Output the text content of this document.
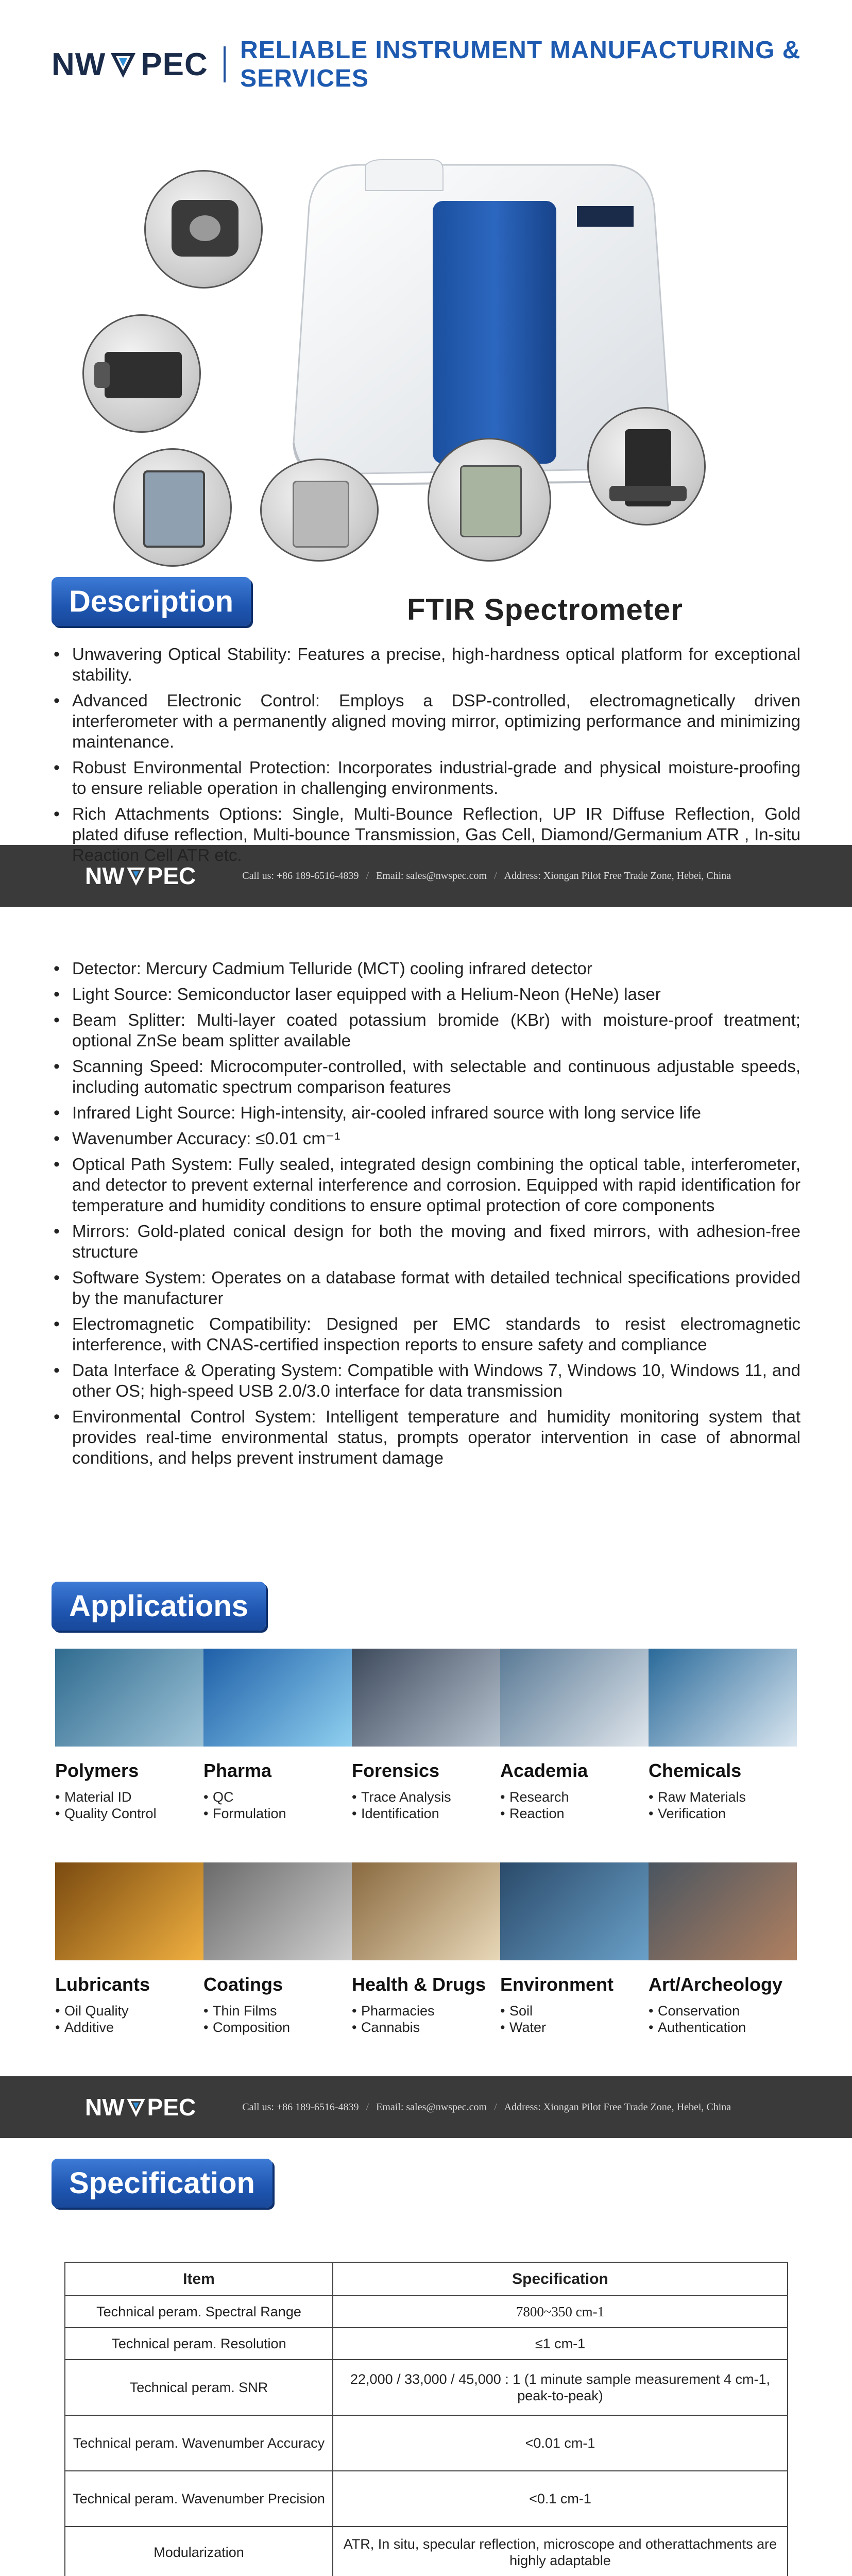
NW PEC RELIABLE INSTRUMENT MANUFACTURING & SERVICES
Description	FTIR Spectrometer
• Unwavering Optical Stability: Features a precise, high-hardness optical platform for exceptional stability.
• Advanced Electronic Control: Employs a DSP-controlled, electromagnetically driven interferometer with a permanently aligned moving mirror, optimizing performance and minimizing maintenance.
• Robust Environmental Protection: Incorporates industrial-grade and physical moisture-proofing to ensure reliable operation in challenging environments.
• Rich Attachments Options: Single, Multi-Bounce Reflection, UP IR Diffuse Reflection, Gold plated difuse reflection, Multi-bounce Transmission, Gas Cell, Diamond/Germanium ATR , In-situ Reaction Cell ATR etc.
NW PEC	Call us: +86 189-6516-4839 / Email: sales@nwspec.com / Address: Xiongan Pilot Free Trade Zone, Hebei, China
• Detector: Mercury Cadmium Telluride (MCT) cooling infrared detector
• Light Source: Semiconductor laser equipped with a Helium-Neon (HeNe) laser
• Beam Splitter: Multi-layer coated potassium bromide (KBr) with moisture-proof treatment; optional ZnSe beam splitter available
• Scanning Speed: Microcomputer-controlled, with selectable and continuous adjustable speeds, including automatic spectrum comparison features
• Infrared Light Source: High-intensity, air-cooled infrared source with long service life
• Wavenumber Accuracy: ≤0.01 cm⁻¹
• Optical Path System: Fully sealed, integrated design combining the optical table, interferometer, and detector to prevent external interference and corrosion. Equipped with rapid identification for temperature and humidity conditions to ensure optimal protection of core components
• Mirrors: Gold-plated conical design for both the moving and fixed mirrors, with adhesion-free structure
• Software System: Operates on a database format with detailed technical specifications provided by the manufacturer
• Electromagnetic Compatibility: Designed per EMC standards to resist electromagnetic interference, with CNAS-certified inspection reports to ensure safety and compliance
• Data Interface & Operating System: Compatible with Windows 7, Windows 10, Windows 11, and other OS; high-speed USB 2.0/3.0 interface for data transmission
• Environmental Control System: Intelligent temperature and humidity monitoring system that provides real-time environmental status, prompts operator intervention in case of abnormal conditions, and helps prevent instrument damage
Applications
Polymers
• Material ID
• Quality Control
Pharma
• QC
• Formulation
Forensics
• Trace Analysis
• Identification
Academia
• Research
• Reaction
Chemicals
• Raw Materials
• Verification
Lubricants
• Oil Quality
• Additive
Coatings
• Thin Films
• Composition
Health & Drugs
• Pharmacies
• Cannabis
Environment
• Soil
• Water
Art/Archeology
• Conservation
• Authentication
NW PEC	Call us: +86 189-6516-4839 / Email: sales@nwspec.com / Address: Xiongan Pilot Free Trade Zone, Hebei, China
Specification
Item	Specification
Technical peram. Spectral Range	7800~350 cm-1
Technical peram. Resolution	≤1 cm-1
Technical peram. SNR	22,000 / 33,000 / 45,000 : 1 (1 minute sample measurement 4 cm-1, peak-to-peak)
Technical peram. Wavenumber Accuracy	<0.01 cm-1
Technical peram. Wavenumber Precision	<0.1 cm-1
Modularization	ATR, In situ, specular reflection, microscope and otherattachments are highly adaptable
